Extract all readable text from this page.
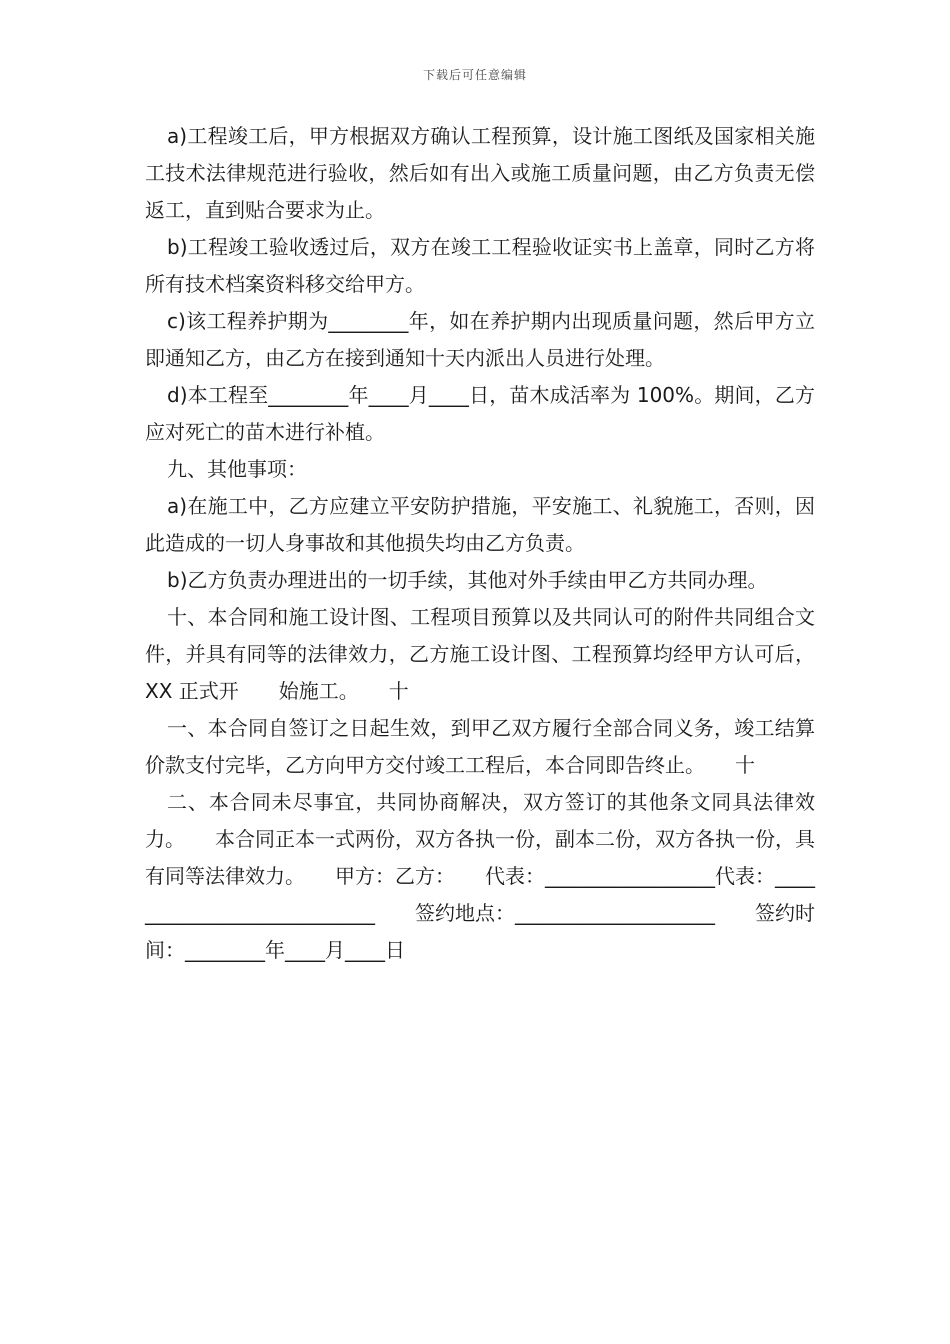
下载后可任意编辑

a)工程竣工后，甲方根据双方确认工程预算，设计施工图纸及国家相关施工技术法律规范进行验收，然后如有出入或施工质量问题，由乙方负责无偿返工，直到贴合要求为止。

b)工程竣工验收透过后，双方在竣工工程验收证实书上盖章，同时乙方将所有技术档案资料移交给甲方。

c)该工程养护期为________年，如在养护期内出现质量问题，然后甲方立即通知乙方，由乙方在接到通知十天内派出人员进行处理。

d)本工程至________年____月____日，苗木成活率为 100%。期间，乙方应对死亡的苗木进行补植。

九、其他事项：

a)在施工中，乙方应建立平安防护措施，平安施工、礼貌施工，否则，因此造成的一切人身事故和其他损失均由乙方负责。

b)乙方负责办理进出的一切手续，其他对外手续由甲乙方共同办理。

十、本合同和施工设计图、工程项目预算以及共同认可的附件共同组合文件，并具有同等的法律效力，乙方施工设计图、工程预算均经甲方认可后，XX 正式开　　始施工。　　十

一、本合同自签订之日起生效，到甲乙双方履行全部合同义务，竣工结算价款支付完毕，乙方向甲方交付竣工工程后，本合同即告终止。　　十

二、本合同未尽事宜，共同协商解决，双方签订的其他条文同具法律效力。　　本合同正本一式两份，双方各执一份，副本二份，双方各执一份，具有同等法律效力。　　甲方：乙方：　　代表：_________________代表：___________________________　　签约地点：____________________　　签约时间：________年____月____日
